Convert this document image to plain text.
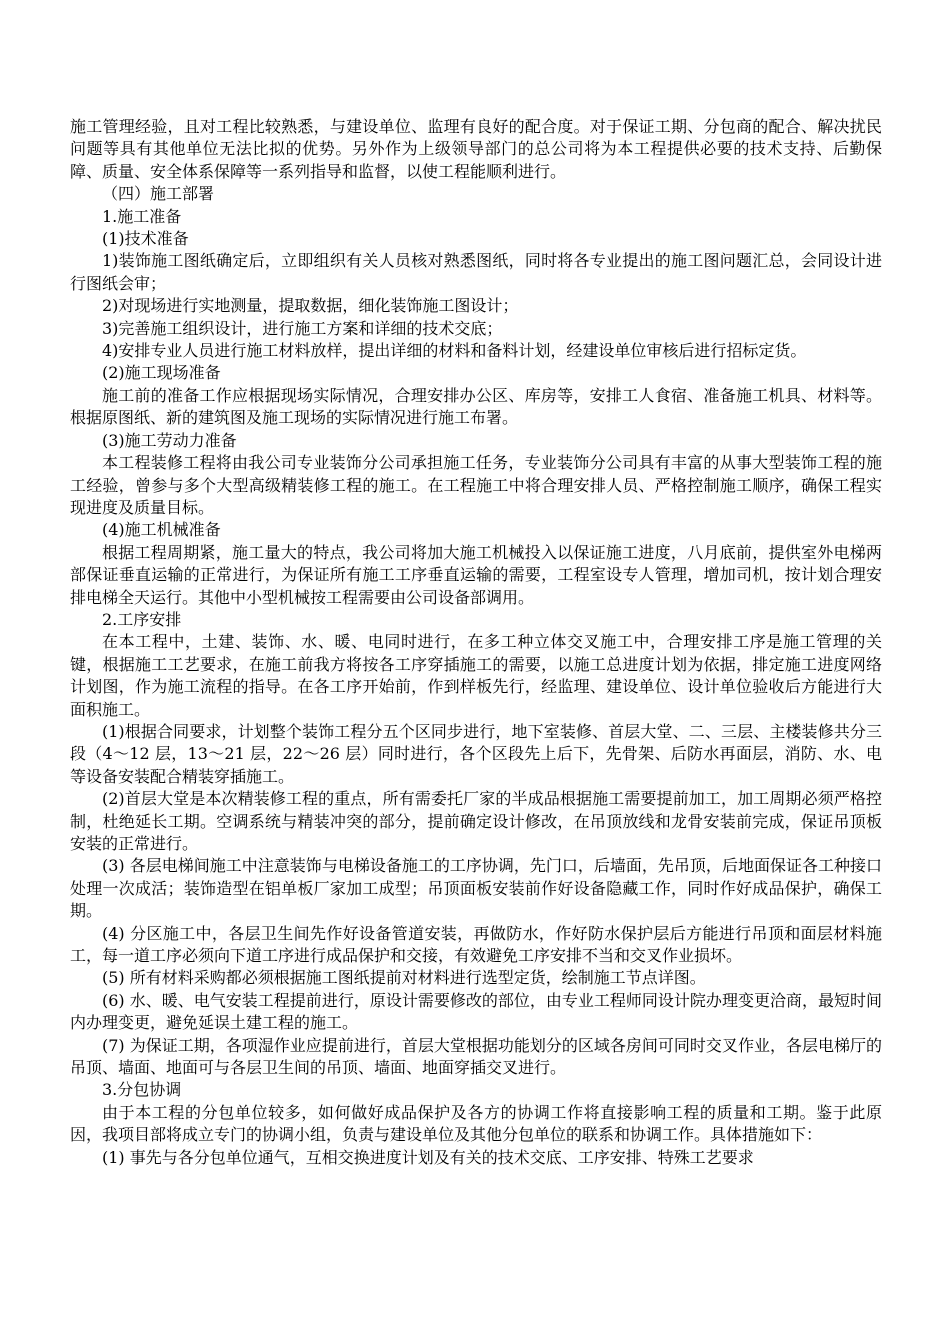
施工管理经验，且对工程比较熟悉，与建设单位、监理有良好的配合度。对于保证工期、分包商的配合、解决扰民问题等具有其他单位无法比拟的优势。另外作为上级领导部门的总公司将为本工程提供必要的技术支持、后勤保障、质量、安全体系保障等一系列指导和监督，以使工程能顺利进行。

（四）施工部署

1.施工准备

(1)技术准备

1)装饰施工图纸确定后，立即组织有关人员核对熟悉图纸，同时将各专业提出的施工图问题汇总，会同设计进行图纸会审；

2)对现场进行实地测量，提取数据，细化装饰施工图设计；

3)完善施工组织设计，进行施工方案和详细的技术交底；

4)安排专业人员进行施工材料放样，提出详细的材料和备料计划，经建设单位审核后进行招标定货。

(2)施工现场准备

施工前的准备工作应根据现场实际情况，合理安排办公区、库房等，安排工人食宿、准备施工机具、材料等。根据原图纸、新的建筑图及施工现场的实际情况进行施工布署。

(3)施工劳动力准备

本工程装修工程将由我公司专业装饰分公司承担施工任务，专业装饰分公司具有丰富的从事大型装饰工程的施工经验，曾参与多个大型高级精装修工程的施工。在工程施工中将合理安排人员、严格控制施工顺序，确保工程实现进度及质量目标。

(4)施工机械准备

根据工程周期紧，施工量大的特点，我公司将加大施工机械投入以保证施工进度，八月底前，提供室外电梯两部保证垂直运输的正常进行，为保证所有施工工序垂直运输的需要，工程室设专人管理，增加司机，按计划合理安排电梯全天运行。其他中小型机械按工程需要由公司设备部调用。

2.工序安排

在本工程中，土建、装饰、水、暖、电同时进行，在多工种立体交叉施工中，合理安排工序是施工管理的关键，根据施工工艺要求，在施工前我方将按各工序穿插施工的需要，以施工总进度计划为依据，排定施工进度网络计划图，作为施工流程的指导。在各工序开始前，作到样板先行，经监理、建设单位、设计单位验收后方能进行大面积施工。

(1)根据合同要求，计划整个装饰工程分五个区同步进行，地下室装修、首层大堂、二、三层、主楼装修共分三段（4～12 层，13～21 层，22～26 层）同时进行，各个区段先上后下，先骨架、后防水再面层，消防、水、电等设备安装配合精装穿插施工。

(2)首层大堂是本次精装修工程的重点，所有需委托厂家的半成品根据施工需要提前加工，加工周期必须严格控制，杜绝延长工期。空调系统与精装冲突的部分，提前确定设计修改，在吊顶放线和龙骨安装前完成，保证吊顶板安装的正常进行。

(3) 各层电梯间施工中注意装饰与电梯设备施工的工序协调，先门口，后墙面，先吊顶，后地面保证各工种接口处理一次成活；装饰造型在铝单板厂家加工成型；吊顶面板安装前作好设备隐藏工作，同时作好成品保护，确保工期。

(4) 分区施工中，各层卫生间先作好设备管道安装，再做防水，作好防水保护层后方能进行吊顶和面层材料施工，每一道工序必须向下道工序进行成品保护和交接，有效避免工序安排不当和交叉作业损坏。

(5) 所有材料采购都必须根据施工图纸提前对材料进行选型定货，绘制施工节点详图。

(6) 水、暖、电气安装工程提前进行，原设计需要修改的部位，由专业工程师同设计院办理变更洽商，最短时间内办理变更，避免延误土建工程的施工。

(7) 为保证工期，各项湿作业应提前进行，首层大堂根据功能划分的区域各房间可同时交叉作业，各层电梯厅的吊顶、墙面、地面可与各层卫生间的吊顶、墙面、地面穿插交叉进行。

3.分包协调

由于本工程的分包单位较多，如何做好成品保护及各方的协调工作将直接影响工程的质量和工期。鉴于此原因，我项目部将成立专门的协调小组，负责与建设单位及其他分包单位的联系和协调工作。具体措施如下：

(1) 事先与各分包单位通气，互相交换进度计划及有关的技术交底、工序安排、特殊工艺要求
